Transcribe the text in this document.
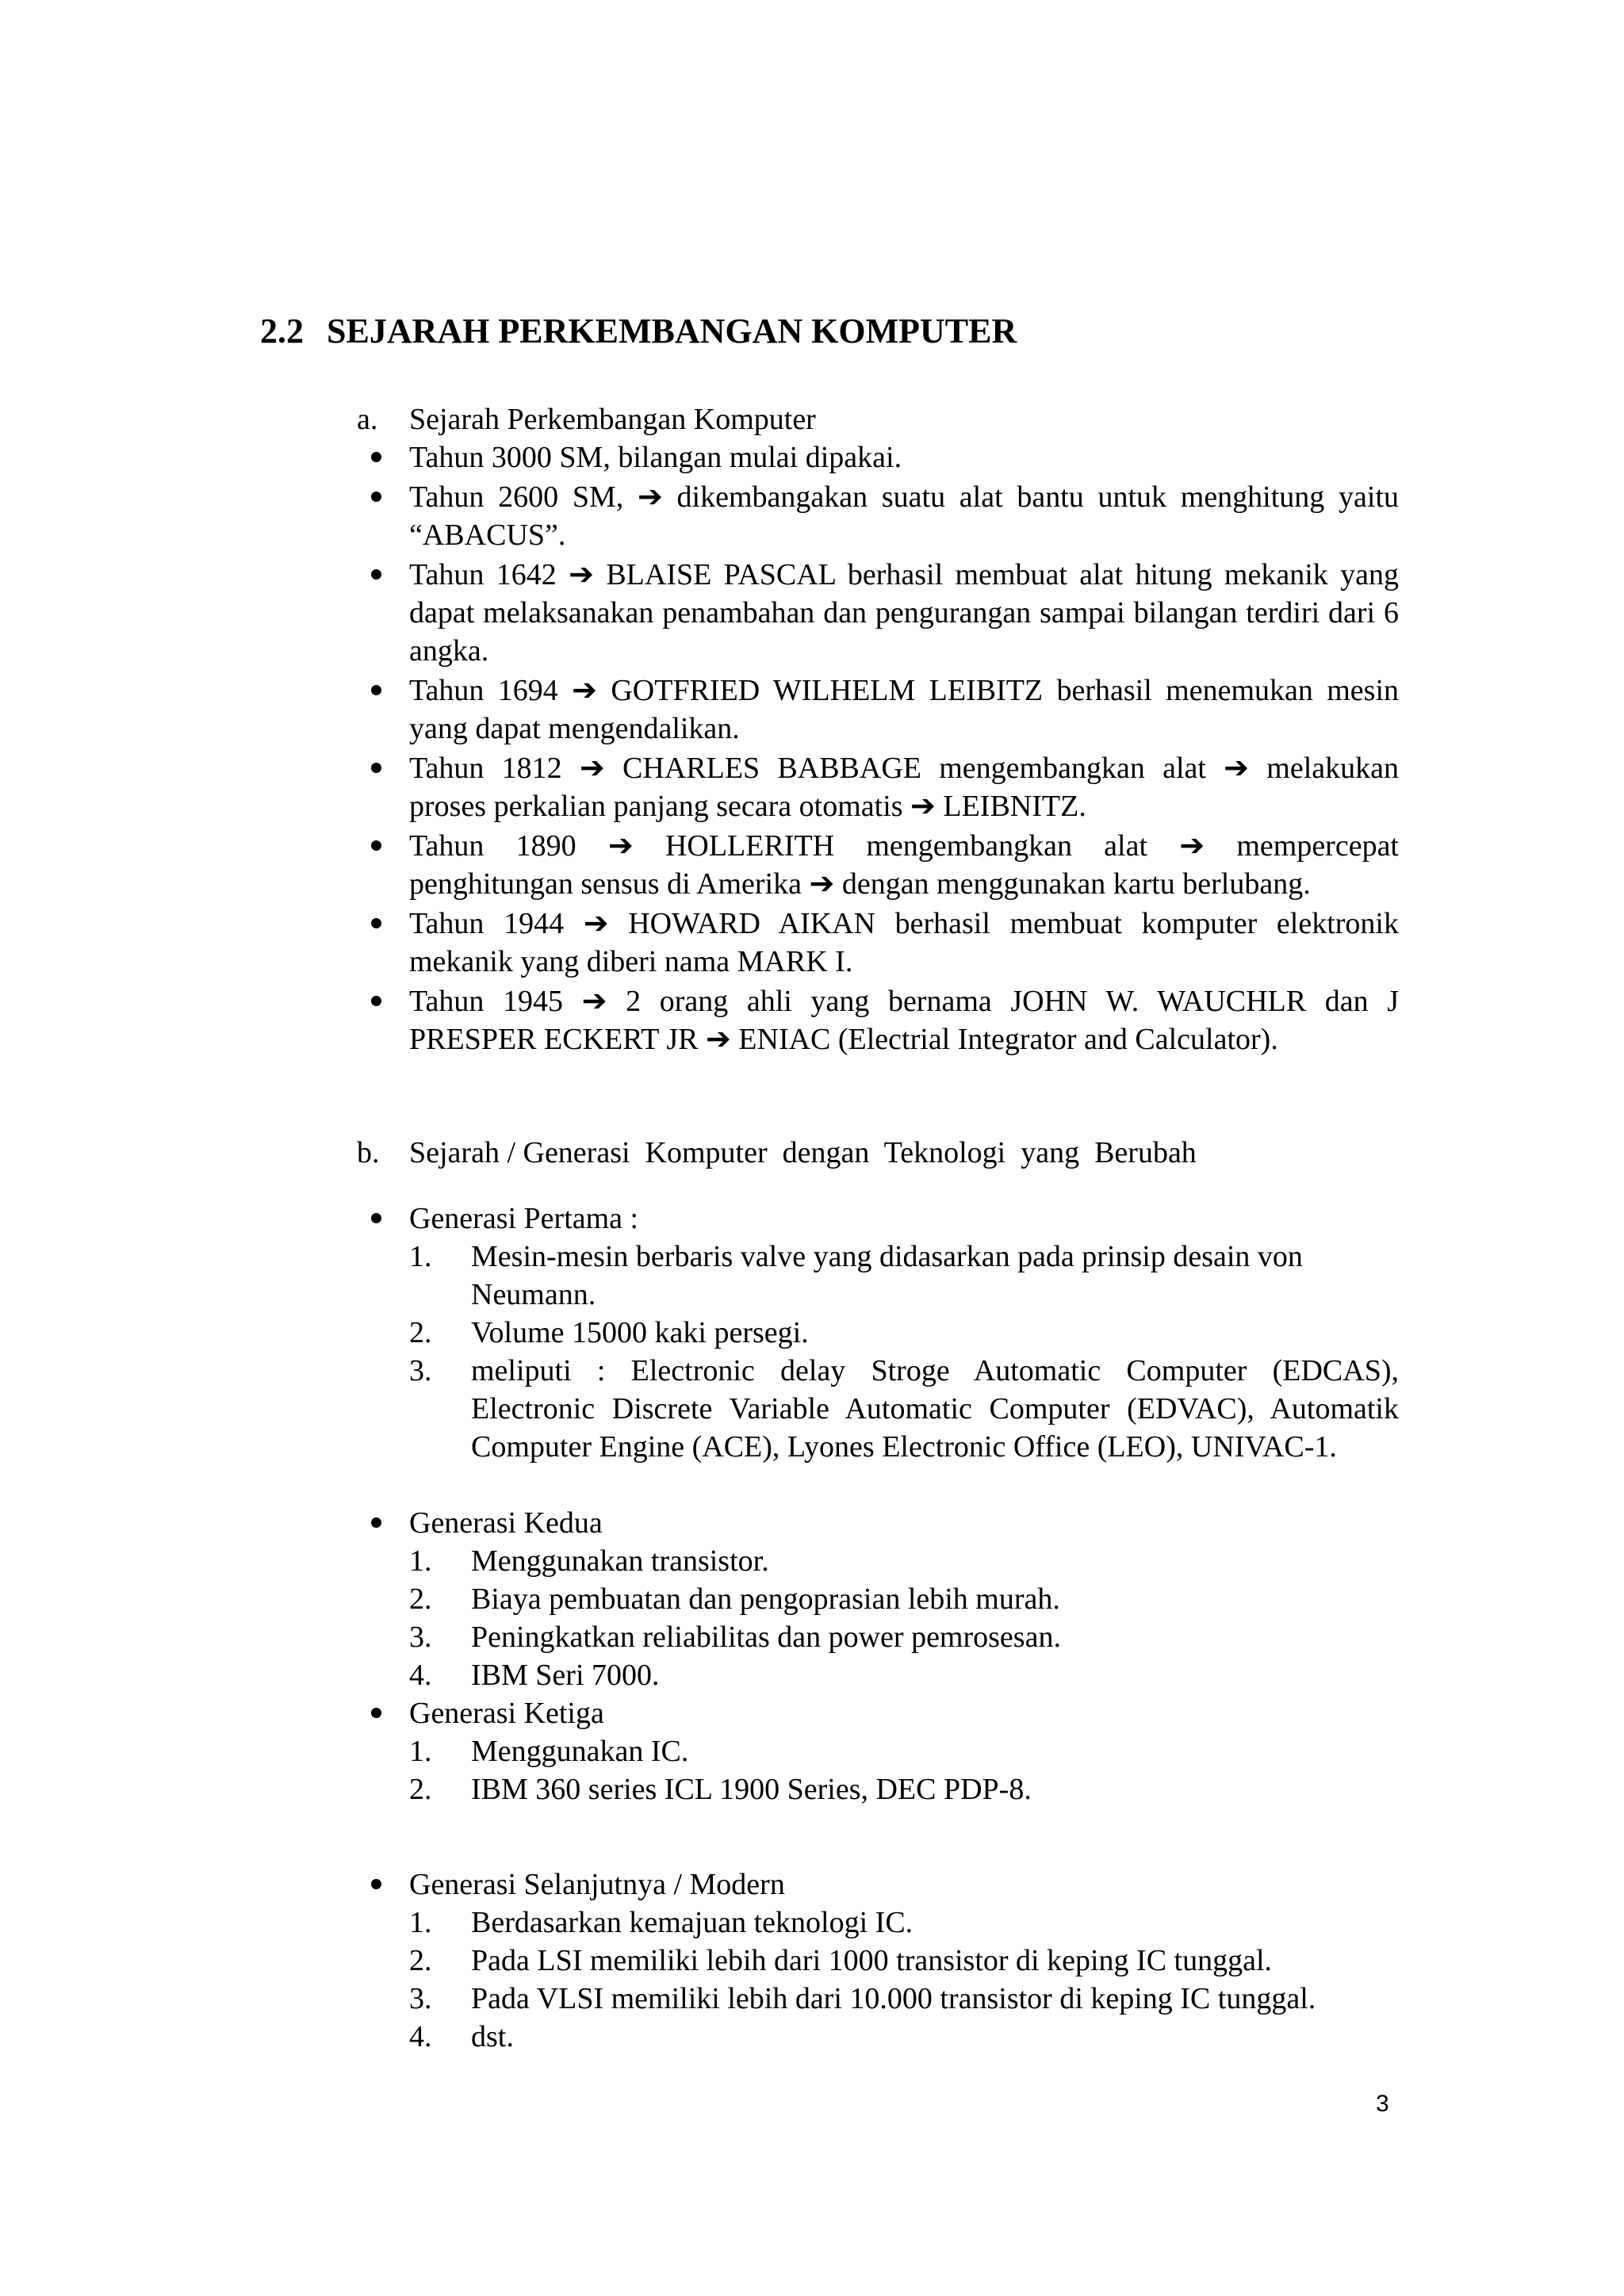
2.2 SEJARAH PERKEMBANGAN KOMPUTER
a. Sejarah Perkembangan Komputer
Tahun 3000 SM, bilangan mulai dipakai.
Tahun 2600 SM, ➔ dikembangakan suatu alat bantu untuk menghitung yaitu “ABACUS”.
Tahun 1642 ➔ BLAISE PASCAL berhasil membuat alat hitung mekanik yang dapat melaksanakan penambahan dan pengurangan sampai bilangan terdiri dari 6 angka.
Tahun 1694 ➔ GOTFRIED WILHELM LEIBITZ berhasil menemukan mesin yang dapat mengendalikan.
Tahun 1812 ➔ CHARLES BABBAGE mengembangkan alat ➔ melakukan proses perkalian panjang secara otomatis ➔ LEIBNITZ.
Tahun 1890 ➔ HOLLERITH mengembangkan alat ➔ mempercepat penghitungan sensus di Amerika ➔ dengan menggunakan kartu berlubang.
Tahun 1944 ➔ HOWARD AIKAN berhasil membuat komputer elektronik mekanik yang diberi nama MARK I.
Tahun 1945 ➔ 2 orang ahli yang bernama JOHN W. WAUCHLR dan J PRESPER ECKERT JR ➔ ENIAC (Electrial Integrator and Calculator).
b. Sejarah / Generasi  Komputer  dengan  Teknologi  yang  Berubah
Generasi Pertama :
1. Mesin-mesin berbaris valve yang didasarkan pada prinsip desain von Neumann.
2. Volume 15000 kaki persegi.
3. meliputi : Electronic delay Stroge Automatic Computer (EDCAS), Electronic Discrete Variable Automatic Computer (EDVAC), Automatik Computer Engine (ACE), Lyones Electronic Office (LEO), UNIVAC-1.
Generasi Kedua
1. Menggunakan transistor.
2. Biaya pembuatan dan pengoprasian lebih murah.
3. Peningkatkan reliabilitas dan power pemrosesan.
4. IBM Seri 7000.
Generasi Ketiga
1. Menggunakan IC.
2. IBM 360 series ICL 1900 Series, DEC PDP-8.
Generasi Selanjutnya / Modern
1. Berdasarkan kemajuan teknologi IC.
2. Pada LSI memiliki lebih dari 1000 transistor di keping IC tunggal.
3. Pada VLSI memiliki lebih dari 10.000 transistor di keping IC tunggal.
4. dst.
3
